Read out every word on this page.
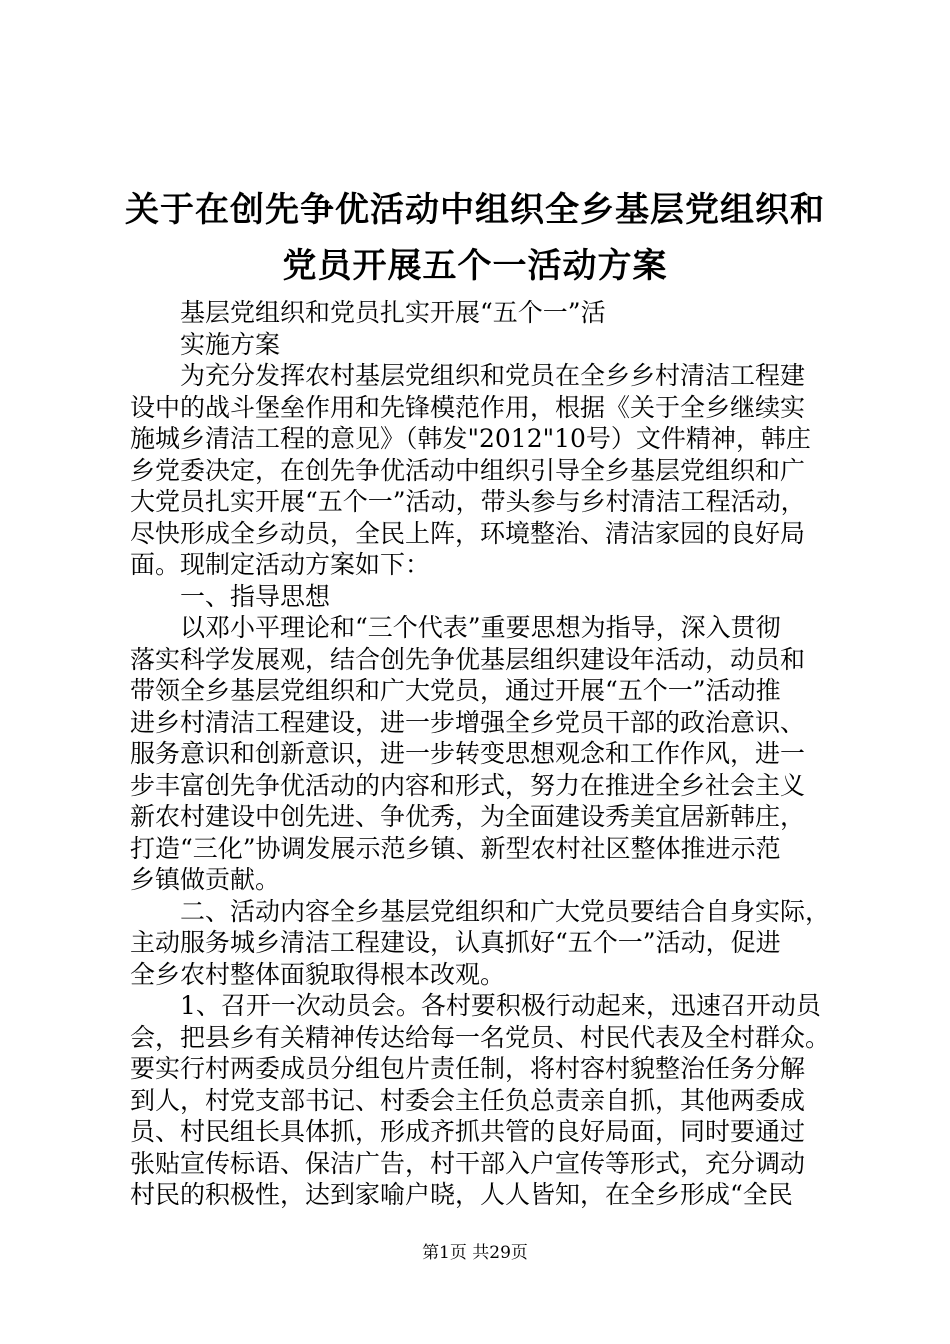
关于在创先争优活动中组织全乡基层党组织和
党员开展五个一活动方案
基层党组织和党员扎实开展“五个一”活
实施方案
为充分发挥农村基层党组织和党员在全乡乡村清洁工程建
设中的战斗堡垒作用和先锋模范作用，根据《关于全乡继续实
施城乡清洁工程的意见》（韩发"2012"10号）文件精神，韩庄
乡党委决定，在创先争优活动中组织引导全乡基层党组织和广
大党员扎实开展“五个一”活动，带头参与乡村清洁工程活动，
尽快形成全乡动员，全民上阵，环境整治、清洁家园的良好局
面。现制定活动方案如下：
一、指导思想
以邓小平理论和“三个代表”重要思想为指导，深入贯彻
落实科学发展观，结合创先争优基层组织建设年活动，动员和
带领全乡基层党组织和广大党员，通过开展“五个一”活动推
进乡村清洁工程建设，进一步增强全乡党员干部的政治意识、
服务意识和创新意识，进一步转变思想观念和工作作风，进一
步丰富创先争优活动的内容和形式，努力在推进全乡社会主义
新农村建设中创先进、争优秀，为全面建设秀美宜居新韩庄，
打造“三化”协调发展示范乡镇、新型农村社区整体推进示范
乡镇做贡献。
二、活动内容全乡基层党组织和广大党员要结合自身实际，
主动服务城乡清洁工程建设，认真抓好“五个一”活动，促进
全乡农村整体面貌取得根本改观。
1、召开一次动员会。各村要积极行动起来，迅速召开动员
会，把县乡有关精神传达给每一名党员、村民代表及全村群众。
要实行村两委成员分组包片责任制，将村容村貌整治任务分解
到人，村党支部书记、村委会主任负总责亲自抓，其他两委成
员、村民组长具体抓，形成齐抓共管的良好局面，同时要通过
张贴宣传标语、保洁广告，村干部入户宣传等形式，充分调动
村民的积极性，达到家喻户晓，人人皆知，在全乡形成“全民
第1页 共29页
